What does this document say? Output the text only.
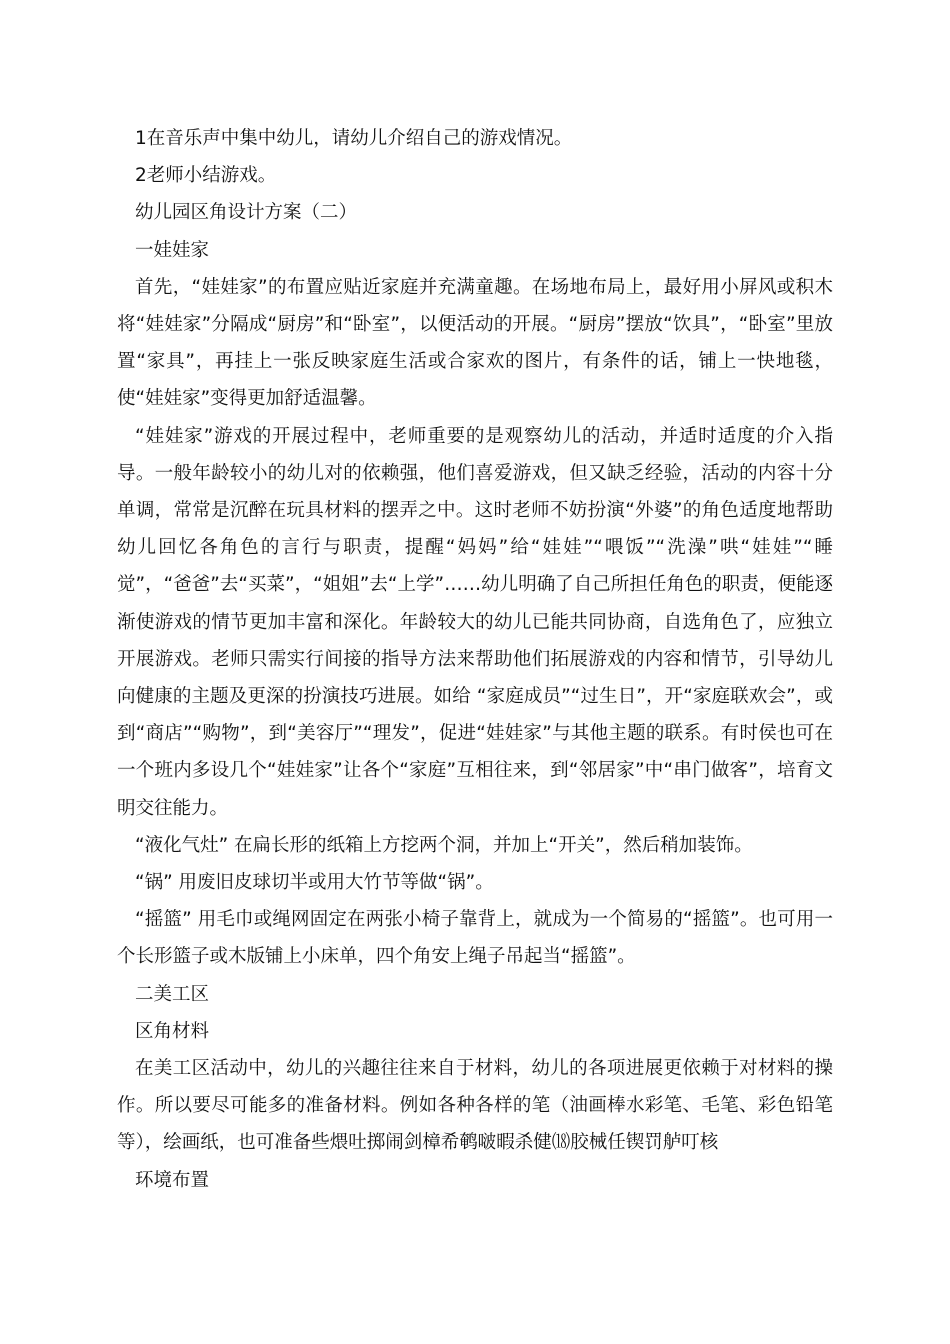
1在音乐声中集中幼儿，请幼儿介绍自己的游戏情况。

2老师小结游戏。

幼儿园区角设计方案（二）

一娃娃家

首先，“娃娃家”的布置应贴近家庭并充满童趣。在场地布局上，最好用小屏风或积木将“娃娃家”分隔成“厨房”和“卧室”，以便活动的开展。“厨房”摆放“饮具”，“卧室”里放置“家具”，再挂上一张反映家庭生活或合家欢的图片，有条件的话，铺上一快地毯，使“娃娃家”变得更加舒适温馨。

“娃娃家”游戏的开展过程中，老师重要的是观察幼儿的活动，并适时适度的介入指导。一般年龄较小的幼儿对的依赖强，他们喜爱游戏，但又缺乏经验，活动的内容十分单调，常常是沉醉在玩具材料的摆弄之中。这时老师不妨扮演“外婆”的角色适度地帮助幼儿回忆各角色的言行与职责，提醒“妈妈”给“娃娃”“喂饭”“洗澡”哄“娃娃”“睡觉”，“爸爸”去“买菜”，“姐姐”去“上学”……幼儿明确了自己所担任角色的职责，便能逐渐使游戏的情节更加丰富和深化。年龄较大的幼儿已能共同协商，自选角色了，应独立开展游戏。老师只需实行间接的指导方法来帮助他们拓展游戏的内容和情节，引导幼儿向健康的主题及更深的扮演技巧进展。如给 “家庭成员”“过生日”，开“家庭联欢会”，或到“商店”“购物”，到“美容厅”“理发”，促进“娃娃家”与其他主题的联系。有时侯也可在一个班内多设几个“娃娃家”让各个“家庭”互相往来，到“邻居家”中“串门做客”，培育文明交往能力。

“液化气灶” 在扁长形的纸箱上方挖两个洞，并加上“开关”，然后稍加装饰。

“锅” 用废旧皮球切半或用大竹节等做“锅”。

“摇篮” 用毛巾或绳网固定在两张小椅子靠背上，就成为一个简易的“摇篮”。也可用一个长形篮子或木版铺上小床单，四个角安上绳子吊起当“摇篮”。

二美工区

区角材料

在美工区活动中，幼儿的兴趣往往来自于材料，幼儿的各项进展更依赖于对材料的操作。所以要尽可能多的准备材料。例如各种各样的笔（油画棒水彩笔、毛笔、彩色铅笔等），绘画纸，也可准备些煨吐掷闹剑樟希鹌啵暇杀健⒅胶械任锲罚舻叮核

环境布置
